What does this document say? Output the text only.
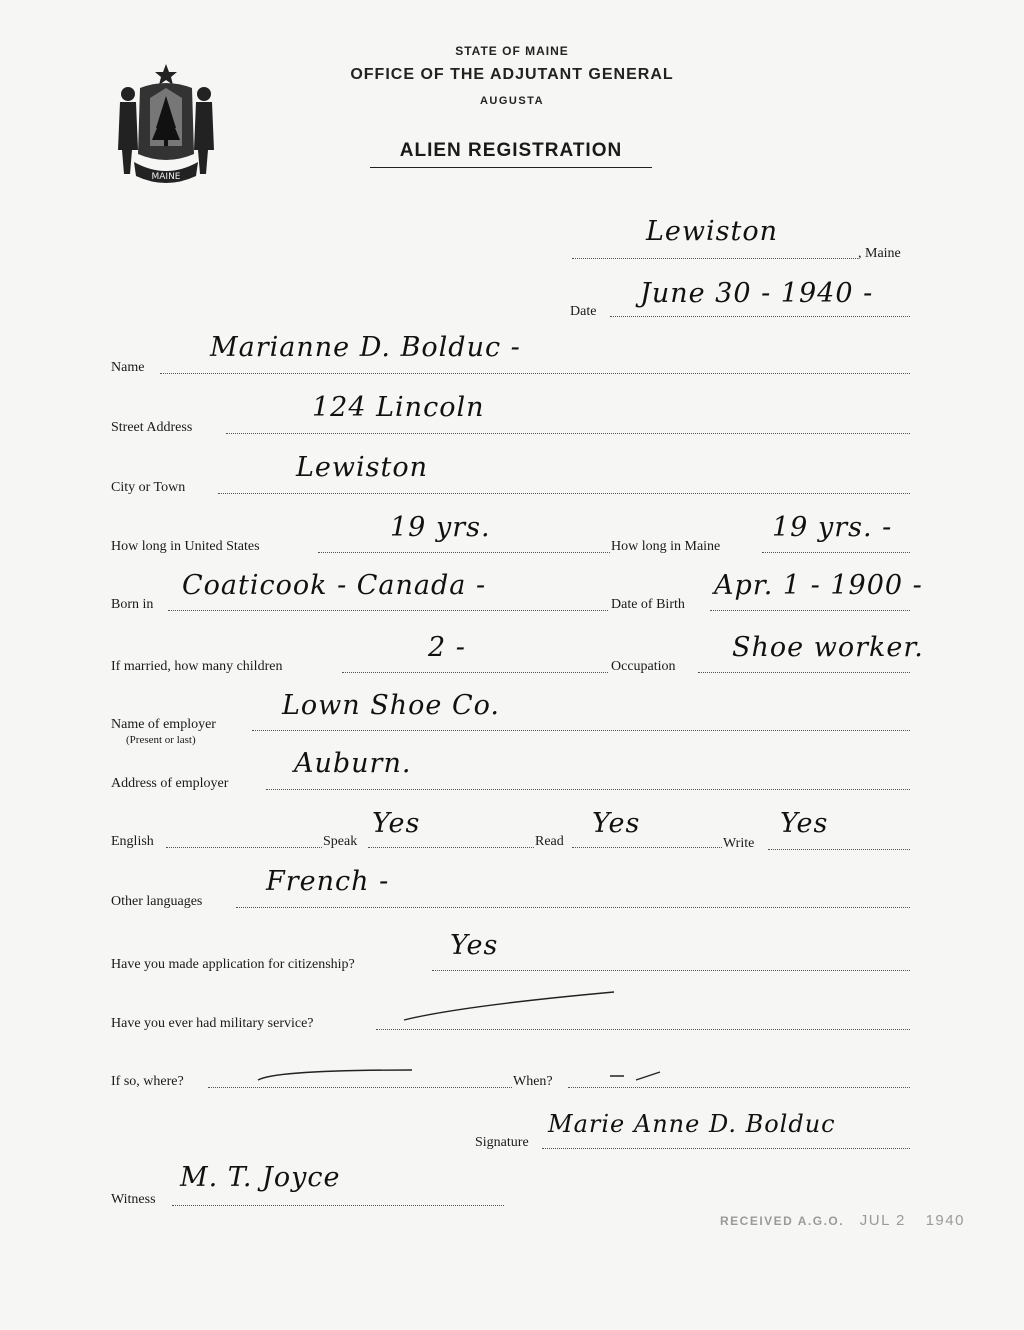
MAINE
STATE OF MAINE
OFFICE OF THE ADJUTANT GENERAL
AUGUSTA
ALIEN REGISTRATION
Lewiston
, Maine
Date
June 30 - 1940 -
Name
Marianne D. Bolduc -
Street Address
124 Lincoln
City or Town
Lewiston
How long in United States
19 yrs.
How long in Maine
19 yrs. -
Born in
Coaticook - Canada -
Date of Birth
Apr. 1 - 1900 -
If married, how many children
2 -
Occupation
Shoe worker.
Name of employer
(Present or last)
Lown Shoe Co.
Address of employer
Auburn.
English	Speak
Yes
Read
Yes
Write
Yes
Other languages
French -
Have you made application for citizenship?
Yes
Have you ever had military service?
If so, where?	When?
Signature
Marie Anne D. Bolduc
Witness
M. T. Joyce
RECEIVED A.G.O. JUL 2 1940
